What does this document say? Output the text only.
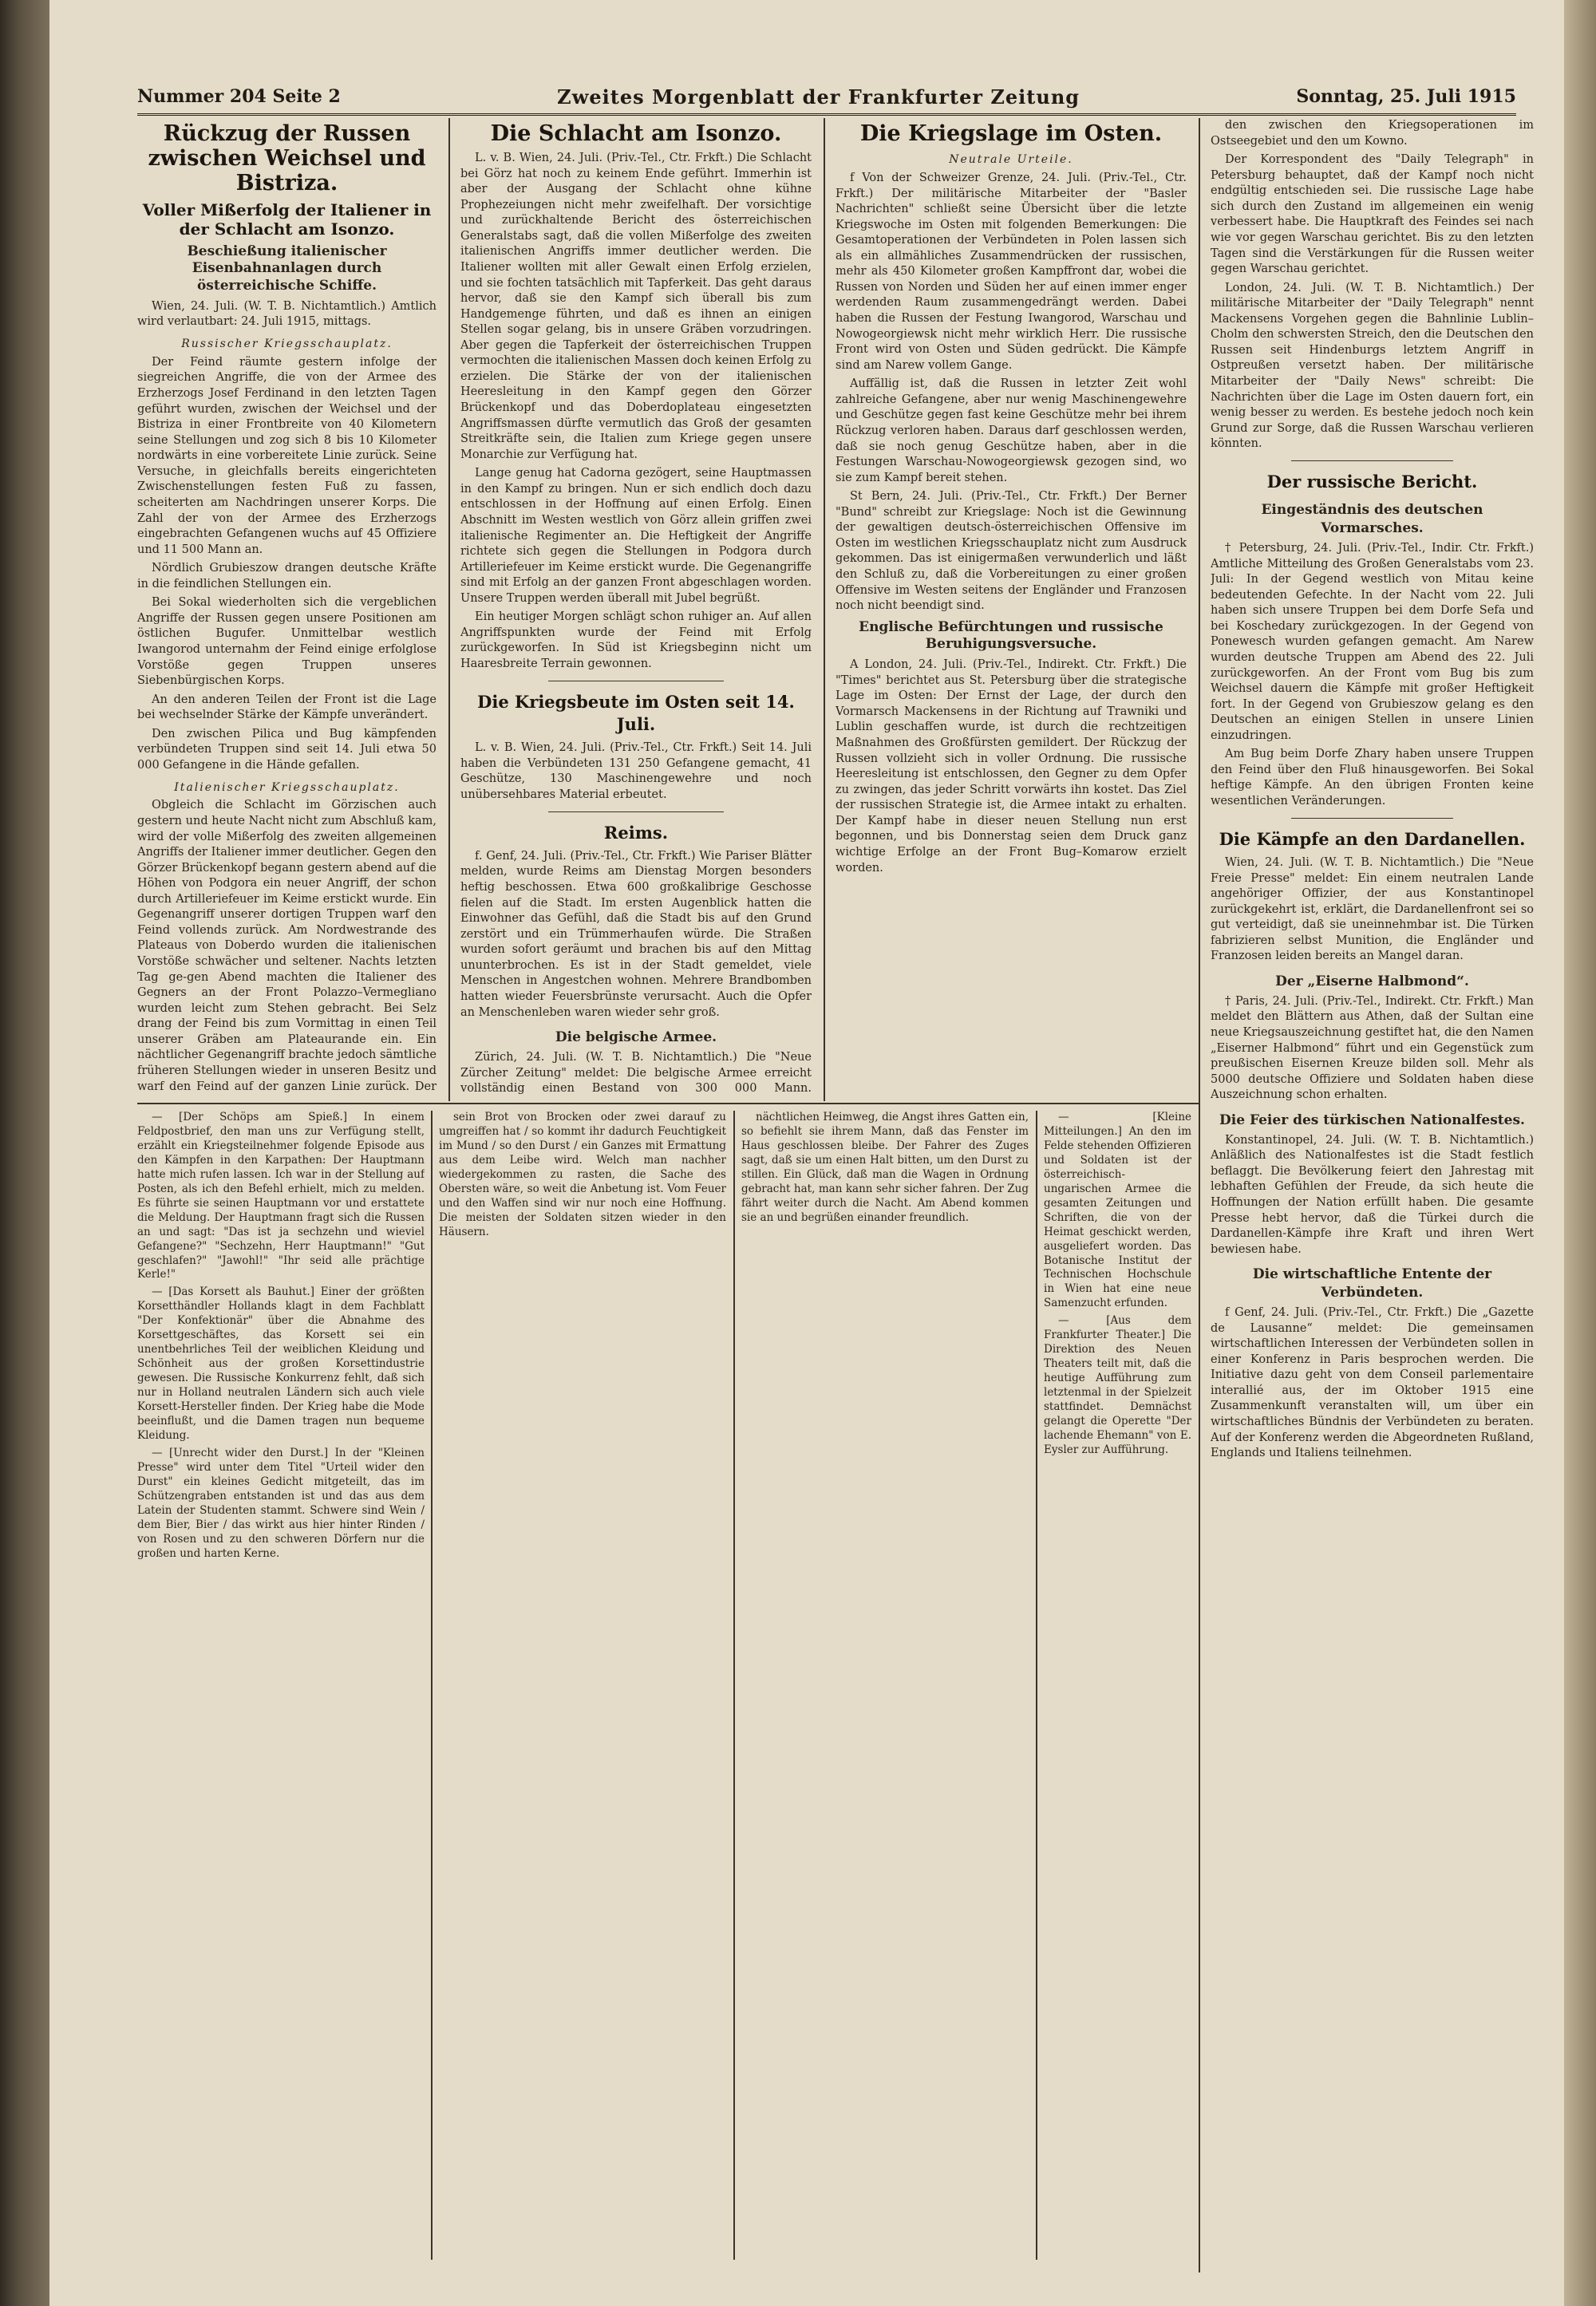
Nummer 204 Seite 2	Zweites Morgenblatt der Frankfurter Zeitung	Sonntag, 25. Juli 1915
Rückzug der Russen zwischen Weichsel und Bistriza.
Voller Mißerfolg der Italiener in der Schlacht am Isonzo.
Beschießung italienischer Eisenbahnanlagen durch österreichische Schiffe.

Wien, 24. Juli. (W. T. B. Nichtamtlich.) Amtlich wird verlautbart: 24. Juli 1915, mittags.

Russischer Kriegsschauplatz.

Der Feind räumte gestern infolge der siegreichen Angriffe, die von der Armee des Erzherzogs Josef Ferdinand in den letzten Tagen geführt wurden, zwischen der Weichsel und der Bistriza in einer Frontbreite von 40 Kilometern seine Stellungen und zog sich 8 bis 10 Kilometer nordwärts in eine vorbereitete Linie zurück. Seine Versuche, in gleichfalls bereits eingerichteten Zwischenstellungen festen Fuß zu fassen, scheiterten am Nachdringen unserer Korps. Die Zahl der von der Armee des Erzherzogs eingebrachten Gefangenen wuchs auf 45 Offiziere und 11 500 Mann an.

Nördlich Grubieszow drangen deutsche Kräfte in die feindlichen Stellungen ein.

Bei Sokal wiederholten sich die vergeblichen Angriffe der Russen gegen unsere Positionen am östlichen Bugufer. Unmittelbar westlich Iwangorod unternahm der Feind einige erfolglose Vorstöße gegen Truppen unseres Siebenbürgischen Korps.

An den anderen Teilen der Front ist die Lage bei wechselnder Stärke der Kämpfe unverändert.

Den zwischen Pilica und Bug kämpfenden verbündeten Truppen sind seit 14. Juli etwa 50 000 Gefangene in die Hände gefallen.

Italienischer Kriegsschauplatz.

Obgleich die Schlacht im Görzischen auch gestern und heute Nacht nicht zum Abschluß kam, wird der volle Mißerfolg des zweiten allgemeinen Angriffs der Italiener immer deutlicher. Gegen den Görzer Brückenkopf begann gestern abend auf die Höhen von Podgora ein neuer Angriff, der schon durch Artilleriefeuer im Keime erstickt wurde. Ein Gegenangriff unserer dortigen Truppen warf den Feind vollends zurück. Am Nordwestrande des Plateaus von Doberdo wurden die italienischen Vorstöße schwächer und seltener. Nachts letzten Tag ge-gen Abend machten die Italiener des Gegners an der Front Polazzo–Vermegliano wurden leicht zum Stehen gebracht. Bei Selz drang der Feind bis zum Vormittag in einen Teil unserer Gräben am Plateaurande ein. Ein nächtlicher Gegenangriff brachte jedoch sämtliche früheren Stellungen wieder in unseren Besitz und warf den Feind auf der ganzen Linie zurück. Der

Die Schlacht am Isonzo.

L. v. B. Wien, 24. Juli. (Priv.-Tel., Ctr. Frkft.) Die Schlacht bei Görz hat noch zu keinem Ende geführt. Immerhin ist aber der Ausgang der Schlacht ohne kühne Prophezeiungen nicht mehr zweifelhaft. Der vorsichtige und zurückhaltende Bericht des österreichischen Generalstabs sagt, daß die vollen Mißerfolge des zweiten italienischen Angriffs immer deutlicher werden. Die Italiener wollten mit aller Gewalt einen Erfolg erzielen, und sie fochten tatsächlich mit Tapferkeit. Das geht daraus hervor, daß sie den Kampf sich überall bis zum Handgemenge führten, und daß es ihnen an einigen Stellen sogar gelang, bis in unsere Gräben vorzudringen. Aber gegen die Tapferkeit der österreichischen Truppen vermochten die italienischen Massen doch keinen Erfolg zu erzielen. Die Stärke der von der italienischen Heeresleitung in den Kampf gegen den Görzer Brückenkopf und das Doberdoplateau eingesetzten Angriffsmassen dürfte vermutlich das Groß der gesamten Streitkräfte sein, die Italien zum Kriege gegen unsere Monarchie zur Verfügung hat.

Lange genug hat Cadorna gezögert, seine Hauptmassen in den Kampf zu bringen. Nun er sich endlich doch dazu entschlossen in der Hoffnung auf einen Erfolg. Einen Abschnitt im Westen westlich von Görz allein griffen zwei italienische Regimenter an. Die Heftigkeit der Angriffe richtete sich gegen die Stellungen in Podgora durch Artilleriefeuer im Keime erstickt wurde. Die Gegenangriffe sind mit Erfolg an der ganzen Front abgeschlagen worden. Unsere Truppen werden überall mit Jubel begrüßt.

Ein heutiger Morgen schlägt schon ruhiger an. Auf allen Angriffspunkten wurde der Feind mit Erfolg zurückgeworfen. In Süd ist Kriegsbeginn nicht um Haaresbreite Terrain gewonnen.

Die Kriegsbeute im Osten seit 14. Juli.

L. v. B. Wien, 24. Juli. (Priv.-Tel., Ctr. Frkft.) Seit 14. Juli haben die Verbündeten 131 250 Gefangene gemacht, 41 Geschütze, 130 Maschinengewehre und noch unübersehbares Material erbeutet.

Reims.

f. Genf, 24. Juli. (Priv.-Tel., Ctr. Frkft.) Wie Pariser Blätter melden, wurde Reims am Dienstag Morgen besonders heftig beschossen. Etwa 600 großkalibrige Geschosse fielen auf die Stadt. Im ersten Augenblick hatten die Einwohner das Gefühl, daß die Stadt bis auf den Grund zerstört und ein Trümmerhaufen würde. Die Straßen wurden sofort geräumt und brachen bis auf den Mittag ununterbrochen. Es ist in der Stadt gemeldet, viele Menschen in Angestchen wohnen. Mehrere Brandbomben hatten wieder Feuersbrünste verursacht. Auch die Opfer an Menschenleben waren wieder sehr groß.

Die belgische Armee.

Zürich, 24. Juli. (W. T. B. Nichtamtlich.) Die "Neue Zürcher Zeitung" meldet: Die belgische Armee erreicht vollständig einen Bestand von 300 000 Mann.

Die Kriegslage im Osten.
Neutrale Urteile.

f Von der Schweizer Grenze, 24. Juli. (Priv.-Tel., Ctr. Frkft.) Der militärische Mitarbeiter der "Basler Nachrichten" schließt seine Übersicht über die letzte Kriegswoche im Osten mit folgenden Bemerkungen: Die Gesamtoperationen der Verbündeten in Polen lassen sich als ein allmähliches Zusammendrücken der russischen, mehr als 450 Kilometer großen Kampffront dar, wobei die Russen von Norden und Süden her auf einen immer enger werdenden Raum zusammengedrängt werden. Dabei haben die Russen der Festung Iwangorod, Warschau und Nowogeorgiewsk nicht mehr wirklich Herr. Die russische Front wird von Osten und Süden gedrückt. Die Kämpfe sind am Narew vollem Gange.

Auffällig ist, daß die Russen in letzter Zeit wohl zahlreiche Gefangene, aber nur wenig Maschinengewehre und Geschütze gegen fast keine Geschütze mehr bei ihrem Rückzug verloren haben. Daraus darf geschlossen werden, daß sie noch genug Geschütze haben, aber in die Festungen Warschau-Nowogeorgiewsk gezogen sind, wo sie zum Kampf bereit stehen.

St Bern, 24. Juli. (Priv.-Tel., Ctr. Frkft.) Der Berner "Bund" schreibt zur Kriegslage: Noch ist die Gewinnung der gewaltigen deutsch-österreichischen Offensive im Osten im westlichen Kriegsschauplatz nicht zum Ausdruck gekommen. Das ist einigermaßen verwunderlich und läßt den Schluß zu, daß die Vorbereitungen zu einer großen Offensive im Westen seitens der Engländer und Franzosen noch nicht beendigt sind.

Englische Befürchtungen und russische Beruhigungsversuche.

A London, 24. Juli. (Priv.-Tel., Indirekt. Ctr. Frkft.) Die "Times" berichtet aus St. Petersburg über die strategische Lage im Osten: Der Ernst der Lage, der durch den Vormarsch Mackensens in der Richtung auf Trawniki und Lublin geschaffen wurde, ist durch die rechtzeitigen Maßnahmen des Großfürsten gemildert. Der Rückzug der Russen vollzieht sich in voller Ordnung. Die russische Heeresleitung ist entschlossen, den Gegner zu dem Opfer zu zwingen, das jeder Schritt vorwärts ihn kostet. Das Ziel der russischen Strategie ist, die Armee intakt zu erhalten. Der Kampf habe in dieser neuen Stellung nun erst begonnen, und bis Donnerstag seien dem Druck ganz wichtige Erfolge an der Front Bug–Komarow erzielt worden.

den zwischen den Kriegsoperationen im Ostseegebiet und den um Kowno.

Der Korrespondent des "Daily Telegraph" in Petersburg behauptet, daß der Kampf noch nicht endgültig entschieden sei. Die russische Lage habe sich durch den Zustand im allgemeinen ein wenig verbessert habe. Die Hauptkraft des Feindes sei nach wie vor gegen Warschau gerichtet. Bis zu den letzten Tagen sind die Verstärkungen für die Russen weiter gegen Warschau gerichtet.

London, 24. Juli. (W. T. B. Nichtamtlich.) Der militärische Mitarbeiter der "Daily Telegraph" nennt Mackensens Vorgehen gegen die Bahnlinie Lublin–Cholm den schwersten Streich, den die Deutschen den Russen seit Hindenburgs letztem Angriff in Ostpreußen versetzt haben. Der militärische Mitarbeiter der "Daily News" schreibt: Die Nachrichten über die Lage im Osten dauern fort, ein wenig besser zu werden. Es bestehe jedoch noch kein Grund zur Sorge, daß die Russen Warschau verlieren könnten.

Der russische Bericht.
Eingeständnis des deutschen Vormarsches.

† Petersburg, 24. Juli. (Priv.-Tel., Indir. Ctr. Frkft.) Amtliche Mitteilung des Großen Generalstabs vom 23. Juli: In der Gegend westlich von Mitau keine bedeutenden Gefechte. In der Nacht vom 22. Juli haben sich unsere Truppen bei dem Dorfe Sefa und bei Koschedary zurückgezogen. In der Gegend von Ponewesch wurden gefangen gemacht. Am Narew wurden deutsche Truppen am Abend des 22. Juli zurückgeworfen. An der Front vom Bug bis zum Weichsel dauern die Kämpfe mit großer Heftigkeit fort. In der Gegend von Grubieszow gelang es den Deutschen an einigen Stellen in unsere Linien einzudringen.

Am Bug beim Dorfe Zhary haben unsere Truppen den Feind über den Fluß hinausgeworfen. Bei Sokal heftige Kämpfe. An den übrigen Fronten keine wesentlichen Veränderungen.

Die Kämpfe an den Dardanellen.

Wien, 24. Juli. (W. T. B. Nichtamtlich.) Die "Neue Freie Presse" meldet: Ein einem neutralen Lande angehöriger Offizier, der aus Konstantinopel zurückgekehrt ist, erklärt, die Dardanellenfront sei so gut verteidigt, daß sie uneinnehmbar ist. Die Türken fabrizieren selbst Munition, die Engländer und Franzosen leiden bereits an Mangel daran.

Der „Eiserne Halbmond“.

† Paris, 24. Juli. (Priv.-Tel., Indirekt. Ctr. Frkft.) Man meldet den Blättern aus Athen, daß der Sultan eine neue Kriegsauszeichnung gestiftet hat, die den Namen „Eiserner Halbmond“ führt und ein Gegenstück zum preußischen Eisernen Kreuze bilden soll. Mehr als 5000 deutsche Offiziere und Soldaten haben diese Auszeichnung schon erhalten.

Die Feier des türkischen Nationalfestes.

Konstantinopel, 24. Juli. (W. T. B. Nichtamtlich.) Anläßlich des Nationalfestes ist die Stadt festlich beflaggt. Die Bevölkerung feiert den Jahrestag mit lebhaften Gefühlen der Freude, da sich heute die Hoffnungen der Nation erfüllt haben. Die gesamte Presse hebt hervor, daß die Türkei durch die Dardanellen-Kämpfe ihre Kraft und ihren Wert bewiesen habe.

Die wirtschaftliche Entente der Verbündeten.

f Genf, 24. Juli. (Priv.-Tel., Ctr. Frkft.) Die „Gazette de Lausanne“ meldet: Die gemeinsamen wirtschaftlichen Interessen der Verbündeten sollen in einer Konferenz in Paris besprochen werden. Die Initiative dazu geht von dem Conseil parlementaire interallié aus, der im Oktober 1915 eine Zusammenkunft veranstalten will, um über ein wirtschaftliches Bündnis der Verbündeten zu beraten. Auf der Konferenz werden die Abgeordneten Rußland, Englands und Italiens teilnehmen.

— [Der Schöps am Spieß.] In einem Feldpostbrief, den man uns zur Verfügung stellt, erzählt ein Kriegsteilnehmer folgende Episode aus den Kämpfen in den Karpathen: Der Hauptmann hatte mich rufen lassen. Ich war in der Stellung auf Posten, als ich den Befehl erhielt, mich zu melden. Es führte sie seinen Hauptmann vor und erstattete die Meldung. Der Hauptmann fragt sich die Russen an und sagt: "Das ist ja sechzehn und wieviel Gefangene?" "Sechzehn, Herr Hauptmann!" "Gut geschlafen?" "Jawohl!" "Ihr seid alle prächtige Kerle!"

— [Das Korsett als Bauhut.] Einer der größten Korsetthändler Hollands klagt in dem Fachblatt "Der Konfektionär" über die Abnahme des Korsettgeschäftes, das Korsett sei ein unentbehrliches Teil der weiblichen Kleidung und Schönheit aus der großen Korsettindustrie gewesen. Die Russische Konkurrenz fehlt, daß sich nur in Holland neutralen Ländern sich auch viele Korsett-Hersteller finden. Der Krieg habe die Mode beeinflußt, und die Damen tragen nun bequeme Kleidung.

— [Unrecht wider den Durst.] In der "Kleinen Presse" wird unter dem Titel "Urteil wider den Durst" ein kleines Gedicht mitgeteilt, das im Schützengraben entstanden ist und das aus dem Latein der Studenten stammt. Schwere sind Wein / dem Bier, Bier / das wirkt aus hier hinter Rinden / von Rosen und zu den schweren Dörfern nur die großen und harten Kerne.

sein Brot von Brocken oder zwei darauf zu umgreiffen hat / so kommt ihr dadurch Feuchtigkeit im Mund / so den Durst / ein Ganzes mit Ermattung aus dem Leibe wird. Welch man nachher wiedergekommen zu rasten, die Sache des Obersten wäre, so weit die Anbetung ist. Vom Feuer und den Waffen sind wir nur noch eine Hoffnung. Die meisten der Soldaten sitzen wieder in den Häusern.

nächtlichen Heimweg, die Angst ihres Gatten ein, so befiehlt sie ihrem Mann, daß das Fenster im Haus geschlossen bleibe. Der Fahrer des Zuges sagt, daß sie um einen Halt bitten, um den Durst zu stillen. Ein Glück, daß man die Wagen in Ordnung gebracht hat, man kann sehr sicher fahren. Der Zug fährt weiter durch die Nacht. Am Abend kommen sie an und begrüßen einander freundlich.

— [Kleine Mitteilungen.] An den im Felde stehenden Offizieren und Soldaten ist der österreichisch-ungarischen Armee die gesamten Zeitungen und Schriften, die von der Heimat geschickt werden, ausgeliefert worden. Das Botanische Institut der Technischen Hochschule in Wien hat eine neue Samenzucht erfunden.

— [Aus dem Frankfurter Theater.] Die Direktion des Neuen Theaters teilt mit, daß die heutige Aufführung zum letztenmal in der Spielzeit stattfindet. Demnächst gelangt die Operette "Der lachende Ehemann" von E. Eysler zur Aufführung.
